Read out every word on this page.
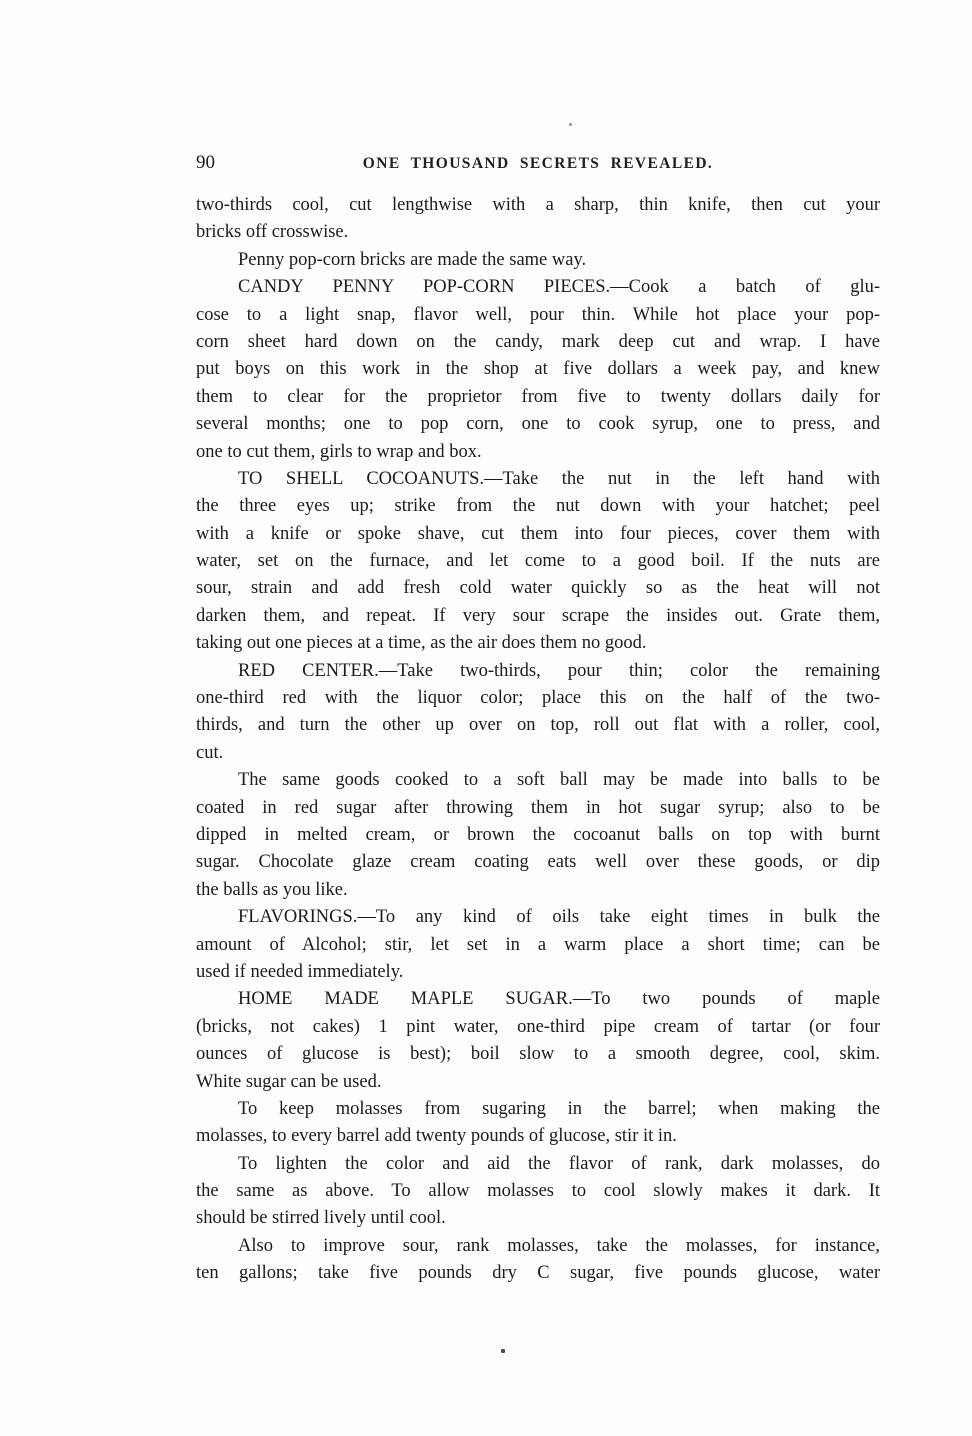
90	ONE THOUSAND SECRETS REVEALED.
two-thirds cool, cut lengthwise with a sharp, thin knife, then cut your
bricks off crosswise.
Penny pop-corn bricks are made the same way.
CANDY PENNY POP-CORN PIECES.—Cook a batch of glu-
cose to a light snap, flavor well, pour thin. While hot place your pop-
corn sheet hard down on the candy, mark deep cut and wrap. I have
put boys on this work in the shop at five dollars a week pay, and knew
them to clear for the proprietor from five to twenty dollars daily for
several months; one to pop corn, one to cook syrup, one to press, and
one to cut them, girls to wrap and box.
TO SHELL COCOANUTS.—Take the nut in the left hand with
the three eyes up; strike from the nut down with your hatchet; peel
with a knife or spoke shave, cut them into four pieces, cover them with
water, set on the furnace, and let come to a good boil. If the nuts are
sour, strain and add fresh cold water quickly so as the heat will not
darken them, and repeat. If very sour scrape the insides out. Grate them,
taking out one pieces at a time, as the air does them no good.
RED CENTER.—Take two-thirds, pour thin; color the remaining
one-third red with the liquor color; place this on the half of the two-
thirds, and turn the other up over on top, roll out flat with a roller, cool,
cut.
The same goods cooked to a soft ball may be made into balls to be
coated in red sugar after throwing them in hot sugar syrup; also to be
dipped in melted cream, or brown the cocoanut balls on top with burnt
sugar. Chocolate glaze cream coating eats well over these goods, or dip
the balls as you like.
FLAVORINGS.—To any kind of oils take eight times in bulk the
amount of Alcohol; stir, let set in a warm place a short time; can be
used if needed immediately.
HOME MADE MAPLE SUGAR.—To two pounds of maple
(bricks, not cakes) 1 pint water, one-third pipe cream of tartar (or four
ounces of glucose is best); boil slow to a smooth degree, cool, skim.
White sugar can be used.
To keep molasses from sugaring in the barrel; when making the
molasses, to every barrel add twenty pounds of glucose, stir it in.
To lighten the color and aid the flavor of rank, dark molasses, do
the same as above. To allow molasses to cool slowly makes it dark. It
should be stirred lively until cool.
Also to improve sour, rank molasses, take the molasses, for instance,
ten gallons; take five pounds dry C sugar, five pounds glucose, water
